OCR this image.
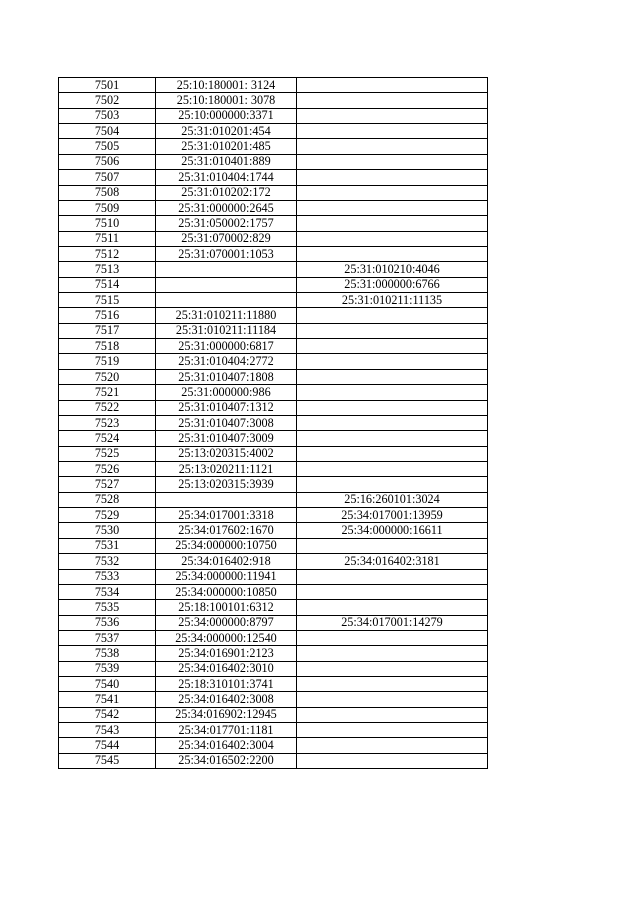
7501	25:10:180001: 3124	
7502	25:10:180001: 3078	
7503	25:10:000000:3371	
7504	25:31:010201:454	
7505	25:31:010201:485	
7506	25:31:010401:889	
7507	25:31:010404:1744	
7508	25:31:010202:172	
7509	25:31:000000:2645	
7510	25:31:050002:1757	
7511	25:31:070002:829	
7512	25:31:070001:1053	
7513		25:31:010210:4046
7514		25:31:000000:6766
7515		25:31:010211:11135
7516	25:31:010211:11880	
7517	25:31:010211:11184	
7518	25:31:000000:6817	
7519	25:31:010404:2772	
7520	25:31:010407:1808	
7521	25:31:000000:986	
7522	25:31:010407:1312	
7523	25:31:010407:3008	
7524	25:31:010407:3009	
7525	25:13:020315:4002	
7526	25:13:020211:1121	
7527	25:13:020315:3939	
7528		25:16:260101:3024
7529	25:34:017001:3318	25:34:017001:13959
7530	25:34:017602:1670	25:34:000000:16611
7531	25:34:000000:10750	
7532	25:34:016402:918	25:34:016402:3181
7533	25:34:000000:11941	
7534	25:34:000000:10850	
7535	25:18:100101:6312	
7536	25:34:000000:8797	25:34:017001:14279
7537	25:34:000000:12540	
7538	25:34:016901:2123	
7539	25:34:016402:3010	
7540	25:18:310101:3741	
7541	25:34:016402:3008	
7542	25:34:016902:12945	
7543	25:34:017701:1181	
7544	25:34:016402:3004	
7545	25:34:016502:2200	
